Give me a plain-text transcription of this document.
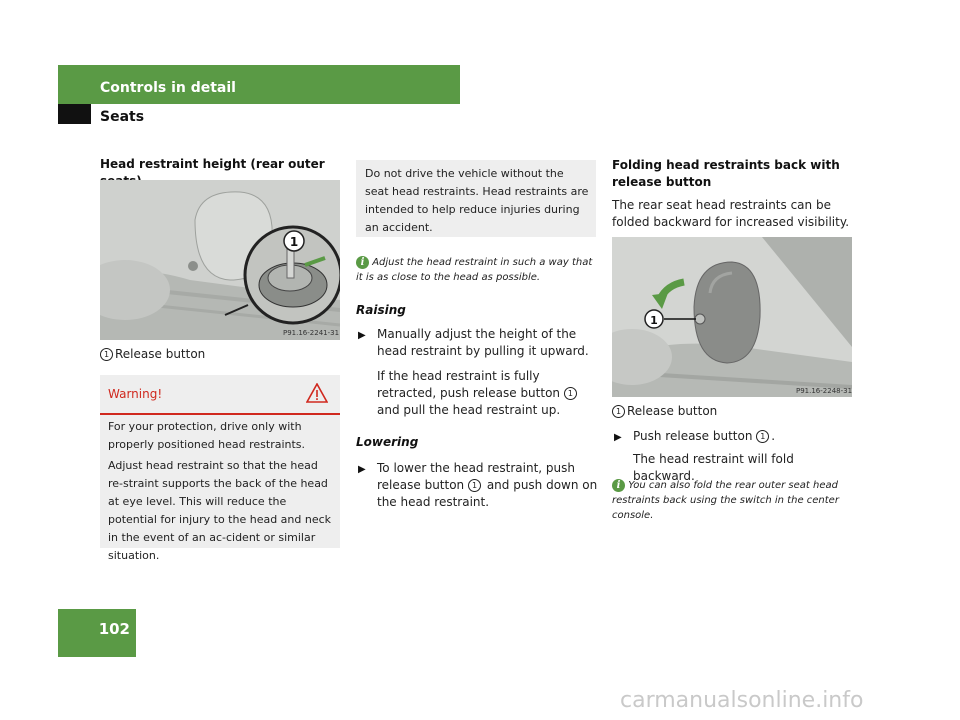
Controls in detail
Seats
Head restraint height (rear outer
1
P91.16-2241-31
1 Release button
Warning!
For your protection, drive only with properly positioned head restraints.
Adjust head restraint so that the head re-straint supports the back of the head at eye level. This will reduce the potential for injury to the head and neck in the event of an ac-cident or similar situation.
Do not drive the vehicle without the seat head restraints. Head restraints are intended to help reduce injuries during an accident.
i Adjust the head restraint in such a way that it is as close to the head as possible.
Raising
▶ Manually adjust the height of the head restraint by pulling it upward.
If the head restraint is fully retracted, push release button 1 and pull the head restraint up.
Lowering
▶ To lower the head restraint, push release button 1 and push down on the head restraint.
Folding head restraints back with release button
The rear seat head restraints can be folded backward for increased visibility.
1
P91.16-2248-31
1 Release button
▶ Push release button 1 .
The head restraint will fold backward.
i You can also fold the rear outer seat head restraints back using the switch in the center console.
102
carmanualsonline.info
